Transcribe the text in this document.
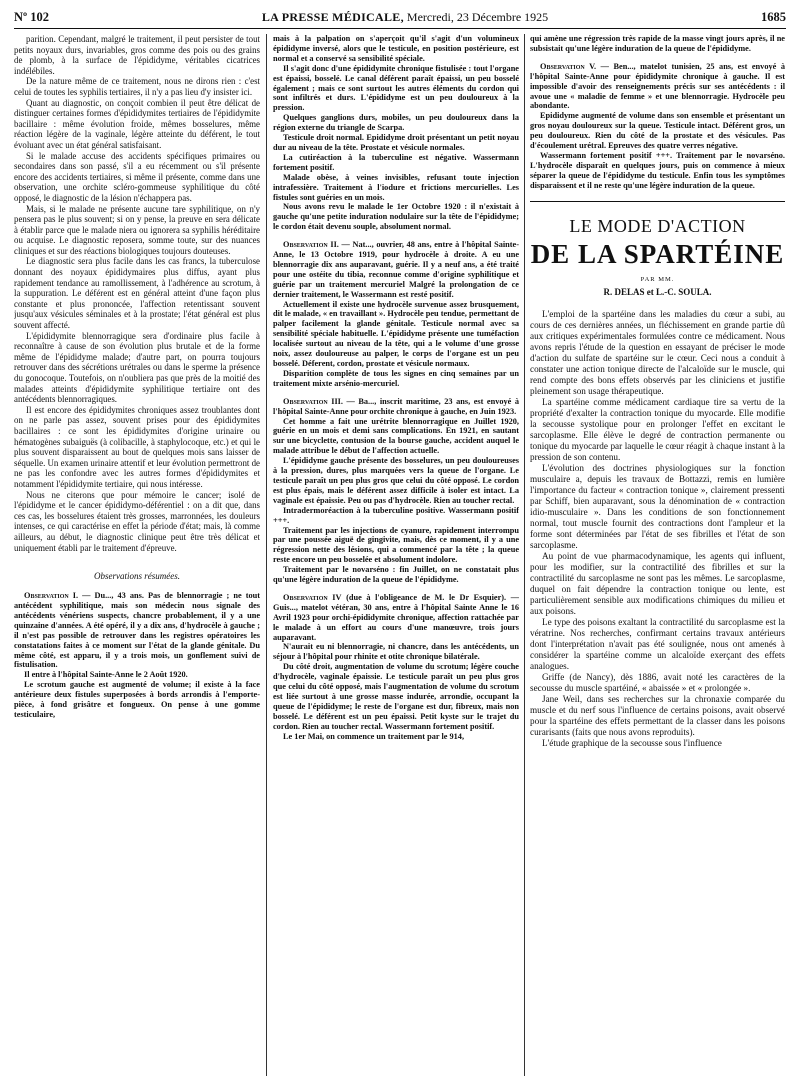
Nº 102	LA PRESSE MÉDICALE, Mercredi, 23 Décembre 1925	1685

parition. Cependant, malgré le traitement, il peut persister de tout petits noyaux durs, invariables, gros comme des pois ou des grains de plomb, à la surface de l'épididyme, véritables cicatrices indélébiles.

De la nature même de ce traitement, nous ne dirons rien : c'est celui de toutes les syphilis tertiaires, il n'y a pas lieu d'y insister ici.

Quant au diagnostic, on conçoit combien il peut être délicat de distinguer certaines formes d'épididymites tertiaires de l'épididymite bacillaire : même évolution froide, mêmes bosselures, même réaction légère de la vaginale, légère atteinte du déférent, le tout évoluant avec un état général satisfaisant.

Si le malade accuse des accidents spécifiques primaires ou secondaires dans son passé, s'il a eu récemment ou s'il présente encore des accidents tertiaires, si même il présente, comme dans une observation, une orchite scléro-gommeuse syphilitique du côté opposé, le diagnostic de la lésion n'échappera pas.

Mais, si le malade ne présente aucune tare syphilitique, on n'y pensera pas le plus souvent; si on y pense, la preuve en sera délicate à établir parce que le malade niera ou ignorera sa syphilis héréditaire ou acquise. Le diagnostic reposera, somme toute, sur des nuances cliniques et sur des réactions biologiques toujours douteuses.

Le diagnostic sera plus facile dans les cas francs, la tuberculose donnant des noyaux épididymaires plus diffus, ayant plus rapidement tendance au ramollissement, à l'adhérence au scrotum, à la suppuration. Le déférent est en général atteint d'une façon plus constante et plus prononcée, l'affection retentissant souvent jusqu'aux vésicules séminales et à la prostate; l'état général est plus souvent affecté.

L'épididymite blennorragique sera d'ordinaire plus facile à reconnaître à cause de son évolution plus brutale et de la forme même de l'épididyme malade; d'autre part, on pourra toujours retrouver dans des sécrétions urétrales ou dans le sperme la présence du gonocoque. Toutefois, on n'oubliera pas que près de la moitié des malades atteints d'épididymite syphilitique tertiaire ont des antécédents blennorragiques.

Il est encore des épididymites chroniques assez troublantes dont on ne parle pas assez, souvent prises pour des épididymites bacillaires : ce sont les épididymites d'origine urinaire ou hématogènes subaiguës (à colibacille, à staphylocoque, etc.) et qui le plus souvent disparaissent au bout de quelques mois sans laisser de séquelle. Un examen urinaire attentif et leur évolution permettront de ne pas les confondre avec les autres formes d'épididymites et notamment l'épididymite tertiaire, qui nous intéresse.

Nous ne citerons que pour mémoire le cancer; isolé de l'épididyme et le cancer épididymo-déférentiel : on a dit que, dans ces cas, les bosselures étaient très grosses, marronnées, les douleurs intenses, ce qui caractérise en effet la période d'état; mais, là comme ailleurs, au début, le diagnostic clinique peut être très délicat et uniquement établi par le traitement d'épreuve.

Observations résumées.

Observation I. — Du..., 43 ans. Pas de blennorragie ; ne tout antécédent syphilitique, mais son médecin nous signale des antécédents vénériens suspects, chancre probablement, il y a une quinzaine d'années. A été opéré, il y a dix ans, d'hydrocèle à gauche ; il n'est pas possible de retrouver dans les registres opératoires les constatations faites à ce moment sur l'état de la glande génitale. Du même côté, est apparu, il y a trois mois, un gonflement suivi de fistulisation.

Il entre à l'hôpital Sainte-Anne le 2 Août 1920.

Le scrotum gauche est augmenté de volume; il existe à la face antérieure deux fistules superposées à bords arrondis à l'emporte-pièce, à fond grisâtre et fongueux. On pense à une gomme testiculaire,

mais à la palpation on s'aperçoit qu'il s'agit d'un volumineux épididyme inversé, alors que le testicule, en position postérieure, est normal et a conservé sa sensibilité spéciale.

Il s'agit donc d'une épididymite chronique fistulisée : tout l'organe est épaissi, bosselé. Le canal déférent paraît épaissi, un peu bosselé également ; mais ce sont surtout les autres éléments du cordon qui sont infiltrés et durs. L'épididyme est un peu douloureux à la pression.

Quelques ganglions durs, mobiles, un peu douloureux dans la région externe du triangle de Scarpa.

Testicule droit normal. Epididyme droit présentant un petit noyau dur au niveau de la tête. Prostate et vésicule normales.

La cutiréaction à la tuberculine est négative. Wassermann fortement positif.

Malade obèse, à veines invisibles, refusant toute injection intrafessière. Traitement à l'iodure et frictions mercurielles. Les fistules sont guéries en un mois.

Nous avons revu le malade le 1er Octobre 1920 : il n'existait à gauche qu'une petite induration nodulaire sur la tête de l'épididyme; le cordon était devenu souple, absolument normal.

Observation II. — Nat..., ouvrier, 48 ans, entre à l'hôpital Sainte-Anne, le 13 Octobre 1919, pour hydrocèle à droite. A eu une blennorragie dix ans auparavant, guérie. Il y a neuf ans, a été traité pour une ostéite du tibia, reconnue comme d'origine syphilitique et guérie par un traitement mercuriel Malgré la prolongation de ce dernier traitement, le Wassermann est resté positif.

Actuellement il existe une hydrocèle survenue assez brusquement, dit le malade, « en travaillant ». Hydrocèle peu tendue, permettant de palper facilement la glande génitale. Testicule normal avec sa sensibilité spéciale habituelle. L'épididyme présente une tuméfaction localisée surtout au niveau de la tête, qui a le volume d'une grosse noix, assez douloureuse au palper, le corps de l'organe est un peu bosselé. Déferent, cordon, prostate et vésicule normaux.

Disparition complète de tous les signes en cinq semaines par un traitement mixte arsénio-mercuriel.

Observation III. — Ba..., inscrit maritime, 23 ans, est envoyé à l'hôpital Sainte-Anne pour orchite chronique à gauche, en Juin 1923.

Cet homme a fait une urétrite blennorragique en Juillet 1920, guérie en un mois et demi sans complications. En 1921, en sautant sur une bicyclette, contusion de la bourse gauche, accident auquel le malade attribue le début de l'affection actuelle.

L'épididyme gauche présente des bosselures, un peu douloureuses à la pression, dures, plus marquées vers la queue de l'organe. Le testicule paraît un peu plus gros que celui du côté opposé. Le cordon est plus épais, mais le déférent assez difficile à isoler est intact. La vaginale est épaissie. Peu ou pas d'hydrocèle. Rien au toucher rectal.

Intradermoréaction à la tuberculine positive. Wassermann positif +++.

Traitement par les injections de cyanure, rapidement interrompu par une poussée aiguë de gingivite, mais, dès ce moment, il y a une régression nette des lésions, qui a commencé par la tête ; la queue reste encore un peu bosselée et absolument indolore.

Traitement par le novarséno : fin Juillet, on ne constatait plus qu'une légère induration de la queue de l'épididyme.

Observation IV (due à l'obligeance de M. le Dr Esquier). — Guis..., matelot vétéran, 30 ans, entre à l'hôpital Sainte Anne le 16 Avril 1923 pour orchi-épididymite chronique, affection rattachée par le malade à un effort au cours d'une manœuvre, trois jours auparavant.

N'aurait eu ni blennorragie, ni chancre, dans les antécédents, un séjour à l'hôpital pour rhinite et otite chronique bilatérale.

Du côté droit, augmentation de volume du scrotum; légère couche d'hydrocèle, vaginale épaissie. Le testicule paraît un peu plus gros que celui du côté opposé, mais l'augmentation de volume du scrotum est liée surtout à une grosse masse indurée, arrondie, occupant la queue de l'épididyme; le reste de l'organe est dur, fibreux, mais non bosselé. Le déférent est un peu épaissi. Petit kyste sur le trajet du cordon. Rien au toucher rectal. Wassermann fortement positif.

Le 1er Mai, on commence un traitement par le 914,

qui amène une régression très rapide de la masse vingt jours après, il ne subsistait qu'une légère induration de la queue de l'épididyme.

Observation V. — Ben..., matelot tunisien, 25 ans, est envoyé à l'hôpital Sainte-Anne pour épididymite chronique à gauche. Il est impossible d'avoir des renseignements précis sur ses antécédents : il avoue une « maladie de femme » et une blennorragie. Hydrocèle peu abondante.

Epididyme augmenté de volume dans son ensemble et présentant un gros noyau douloureux sur la queue. Testicule intact. Déférent gros, un peu douloureux. Rien du côté de la prostate et des vésicules. Pas d'écoulement urétral. Epreuves des quatre verres négative.

Wassermann fortement positif +++. Traitement par le novarséno. L'hydrocèle disparaît en quelques jours, puis on commence à mieux séparer la queue de l'épididyme du testicule. Enfin tous les symptômes disparaissent et il ne reste qu'une légère induration de la queue.

LE MODE D'ACTION
DE LA SPARTÉINE
PAR MM.
R. DELAS et L.-C. SOULA.

L'emploi de la spartéine dans les maladies du cœur a subi, au cours de ces dernières années, un fléchissement en grande partie dû aux critiques expérimentales formulées contre ce médicament. Nous avons repris l'étude de la question en essayant de préciser le mode d'action du sulfate de spartéine sur le cœur. Ceci nous a conduit à constater une action tonique directe de l'alcaloïde sur le muscle, qui rend compte des bons effets observés par les cliniciens et justifie pleinement son usage thérapeutique.

La spartéine comme médicament cardiaque tire sa vertu de la propriété d'exalter la contraction tonique du myocarde. Elle modifie la secousse systolique pour en prolonger l'effet en excitant le sarcoplasme. Elle élève le degré de contraction permanente ou tonique du myocarde par laquelle le cœur réagit à chaque instant à la pression de son contenu.

L'évolution des doctrines physiologiques sur la fonction musculaire a, depuis les travaux de Bottazzi, remis en lumière l'importance du facteur « contraction tonique », clairement pressenti par Schiff, bien auparavant, sous la dénomination de « contraction idio-musculaire ». Dans les conditions de son fonctionnement normal, tout muscle fournit des contractions dont l'ampleur et la forme sont déterminées par l'état de ses fibrilles et l'état de son sarcoplasme.

Au point de vue pharmacodynamique, les agents qui influent, pour les modifier, sur la contractilité des fibrilles et sur la contractilité du sarcoplasme ne sont pas les mêmes. Le sarcoplasme, duquel on fait dépendre la contraction tonique ou lente, est particulièrement sensible aux modifications chimiques du milieu et aux poisons.

Le type des poisons exaltant la contractilité du sarcoplasme est la vératrine. Nos recherches, confirmant certains travaux antérieurs dont l'interprétation n'avait pas été soulignée, nous ont amenés à considérer la spartéine comme un alcaloïde exerçant des effets analogues.

Griffe (de Nancy), dès 1886, avait noté les caractères de la secousse du muscle spartéiné, « abaissée » et « prolongée ».

Jane Weil, dans ses recherches sur la chronaxie comparée du muscle et du nerf sous l'influence de certains poisons, avait observé pour la spartéine des effets permettant de la classer dans les poisons curarisants (faits que nous avons reproduits).

L'étude graphique de la secousse sous l'influence
